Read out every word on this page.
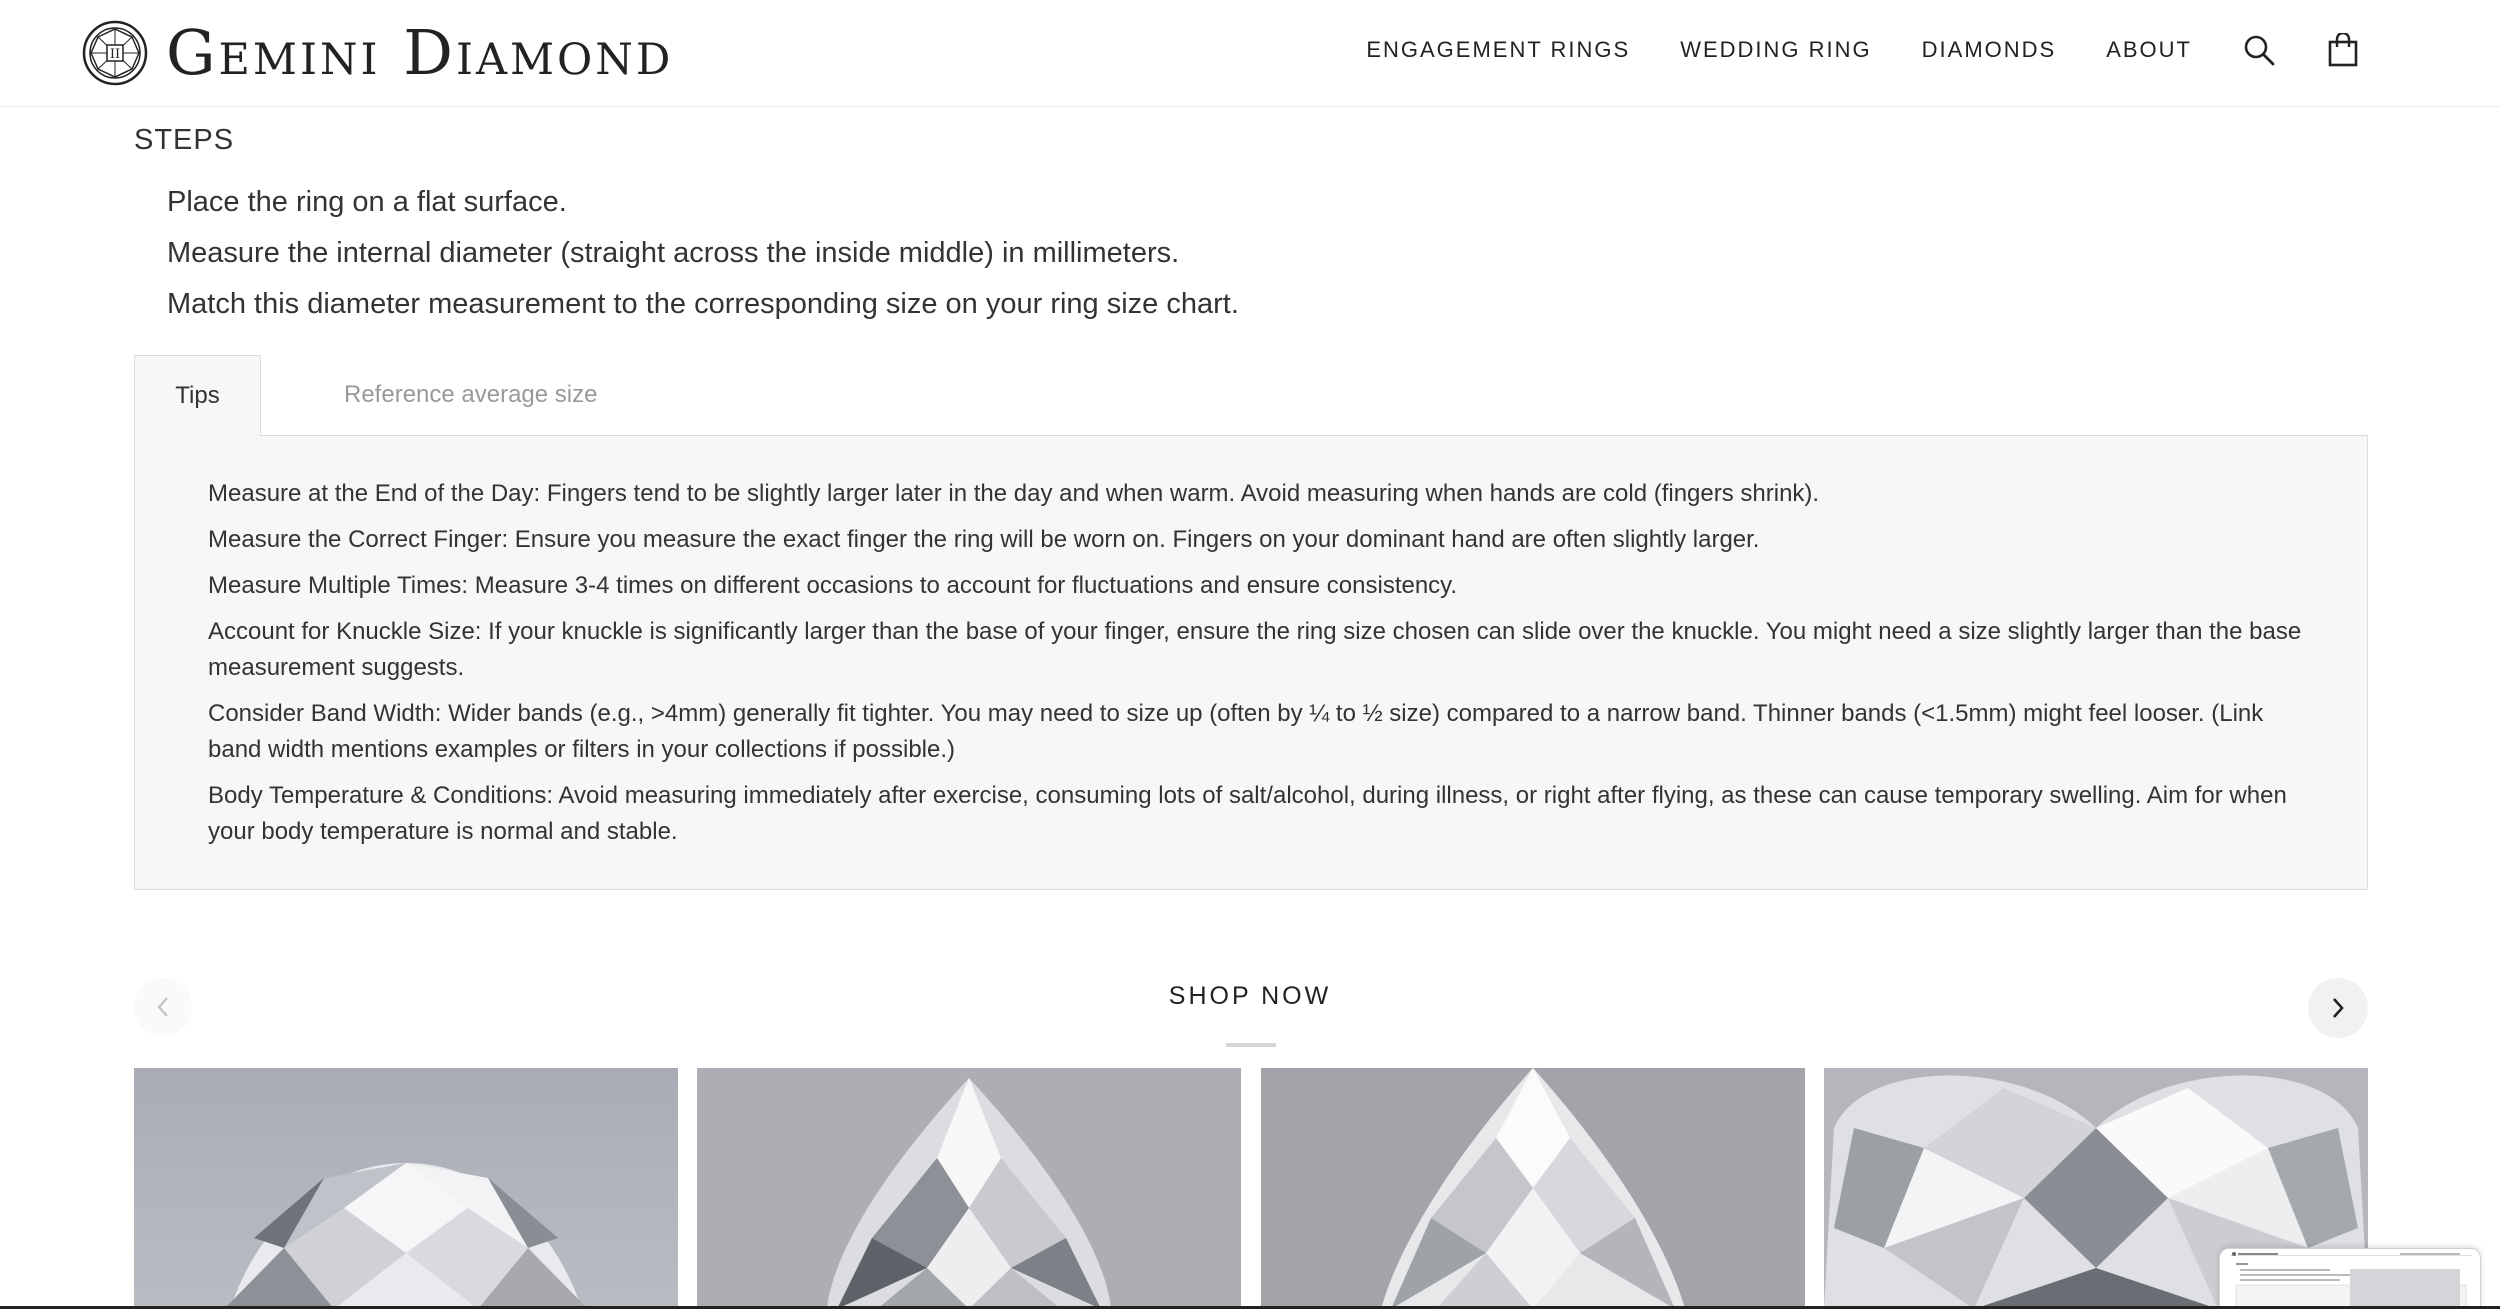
II Gemini Diamond	ENGAGEMENT RINGS WEDDING RING DIAMONDS ABOUT
STEPS
Place the ring on a flat surface.
Measure the internal diameter (straight across the inside middle) in millimeters.
Match this diameter measurement to the corresponding size on your ring size chart.
Tips	Reference average size
Measure at the End of the Day: Fingers tend to be slightly larger later in the day and when warm. Avoid measuring when hands are cold (fingers shrink).
Measure the Correct Finger: Ensure you measure the exact finger the ring will be worn on. Fingers on your dominant hand are often slightly larger.
Measure Multiple Times: Measure 3-4 times on different occasions to account for fluctuations and ensure consistency.
Account for Knuckle Size: If your knuckle is significantly larger than the base of your finger, ensure the ring size chosen can slide over the knuckle. You might need a size slightly larger than the base measurement suggests.
Consider Band Width: Wider bands (e.g., >4mm) generally fit tighter. You may need to size up (often by ¼ to ½ size) compared to a narrow band. Thinner bands (<1.5mm) might feel looser. (Link band width mentions examples or filters in your collections if possible.)
Body Temperature & Conditions: Avoid measuring immediately after exercise, consuming lots of salt/alcohol, during illness, or right after flying, as these can cause temporary swelling. Aim for when your body temperature is normal and stable.
SHOP NOW
